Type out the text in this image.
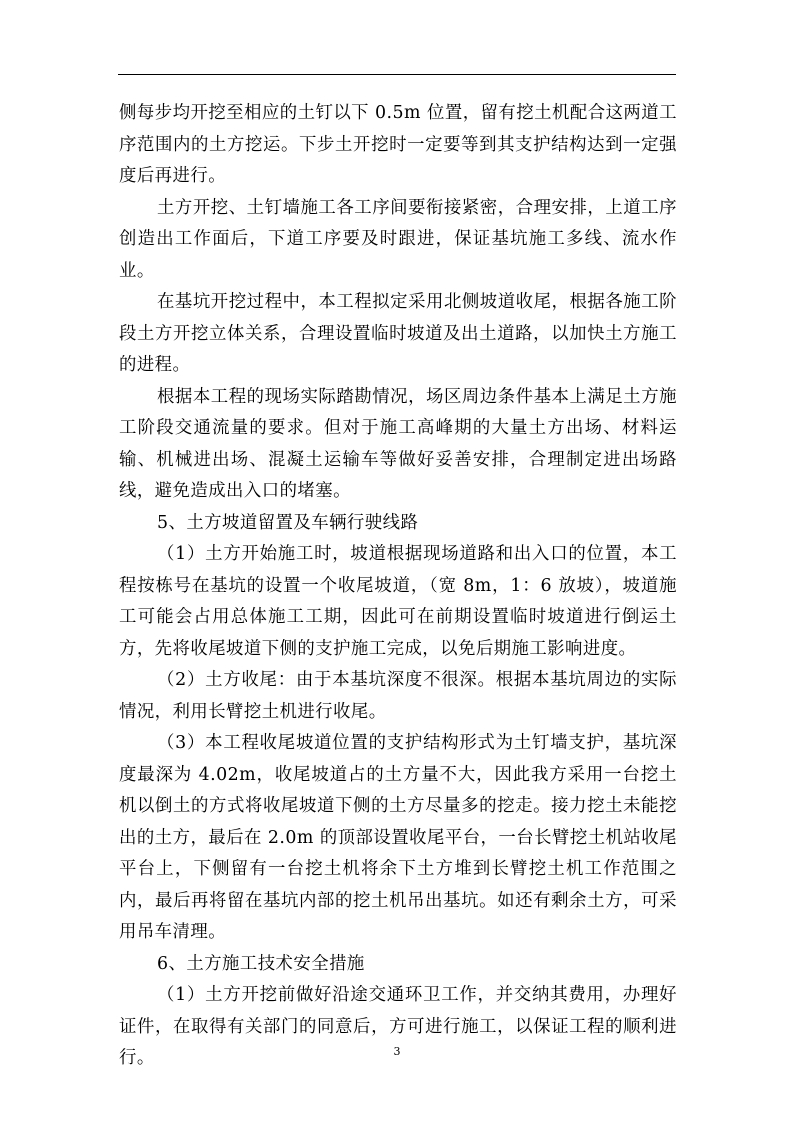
侧每步均开挖至相应的土钉以下 0.5m 位置，留有挖土机配合这两道工序范围内的土方挖运。下步土开挖时一定要等到其支护结构达到一定强度后再进行。

土方开挖、土钉墙施工各工序间要衔接紧密，合理安排，上道工序创造出工作面后，下道工序要及时跟进，保证基坑施工多线、流水作业。

在基坑开挖过程中，本工程拟定采用北侧坡道收尾，根据各施工阶段土方开挖立体关系，合理设置临时坡道及出土道路，以加快土方施工的进程。

根据本工程的现场实际踏勘情况，场区周边条件基本上满足土方施工阶段交通流量的要求。但对于施工高峰期的大量土方出场、材料运输、机械进出场、混凝土运输车等做好妥善安排，合理制定进出场路线，避免造成出入口的堵塞。

5、土方坡道留置及车辆行驶线路

（1）土方开始施工时，坡道根据现场道路和出入口的位置，本工程按栋号在基坑的设置一个收尾坡道，（宽 8m，1：6 放坡），坡道施工可能会占用总体施工工期，因此可在前期设置临时坡道进行倒运土方，先将收尾坡道下侧的支护施工完成，以免后期施工影响进度。

（2）土方收尾：由于本基坑深度不很深。根据本基坑周边的实际情况，利用长臂挖土机进行收尾。

（3）本工程收尾坡道位置的支护结构形式为土钉墙支护，基坑深度最深为 4.02m，收尾坡道占的土方量不大，因此我方采用一台挖土机以倒土的方式将收尾坡道下侧的土方尽量多的挖走。接力挖土未能挖出的土方，最后在 2.0m 的顶部设置收尾平台，一台长臂挖土机站收尾平台上，下侧留有一台挖土机将余下土方堆到长臂挖土机工作范围之内，最后再将留在基坑内部的挖土机吊出基坑。如还有剩余土方，可采用吊车清理。

6、土方施工技术安全措施

（1）土方开挖前做好沿途交通环卫工作，并交纳其费用，办理好证件，在取得有关部门的同意后，方可进行施工，以保证工程的顺利进行。	3
